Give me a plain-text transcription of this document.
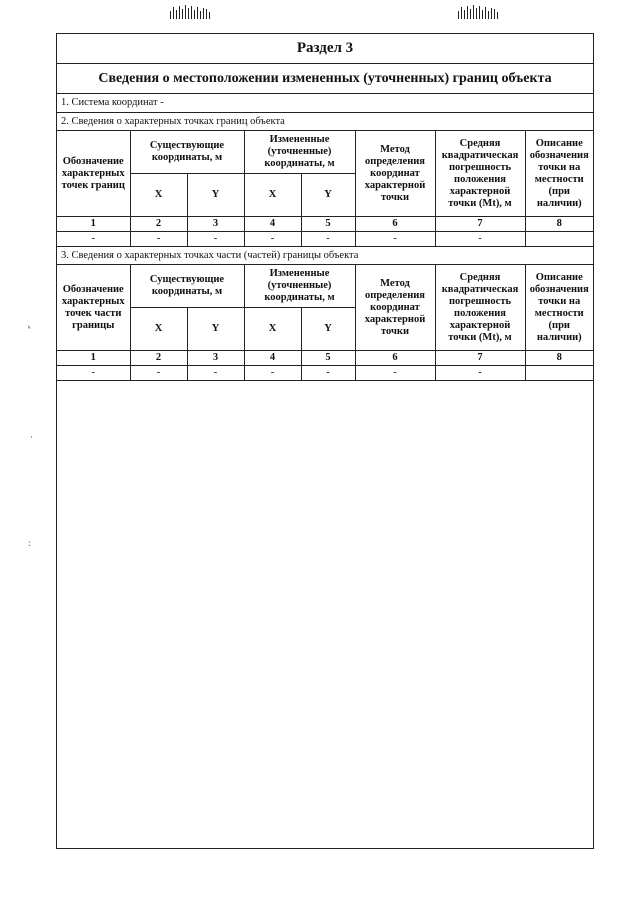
ᵏ
·
:
Раздел 3
Сведения о местоположении измененных (уточненных) границ объекта
1. Система координат -
2. Сведения о характерных точках границ объекта
Обозначение характерных точек границ	Существующие координаты, м		Измененные (уточненные) координаты, м		Метод определения координат характерной точки	Средняя квадратическая погрешность положения характерной точки (Mt), м	Описание обозначения точки на местности (при наличии)
	X	Y	X	Y			
1	2	3	4	5	6	7	8
-	-	-	-	-	-	-	
3. Сведения о характерных точках части (частей) границы объекта
Обозначение характерных точек части границы	Существующие координаты, м		Измененные (уточненные) координаты, м		Метод определения координат характерной точки	Средняя квадратическая погрешность положения характерной точки (Mt), м	Описание обозначения точки на местности (при наличии)
	X	Y	X	Y			
1	2	3	4	5	6	7	8
-	-	-	-	-	-	-	
